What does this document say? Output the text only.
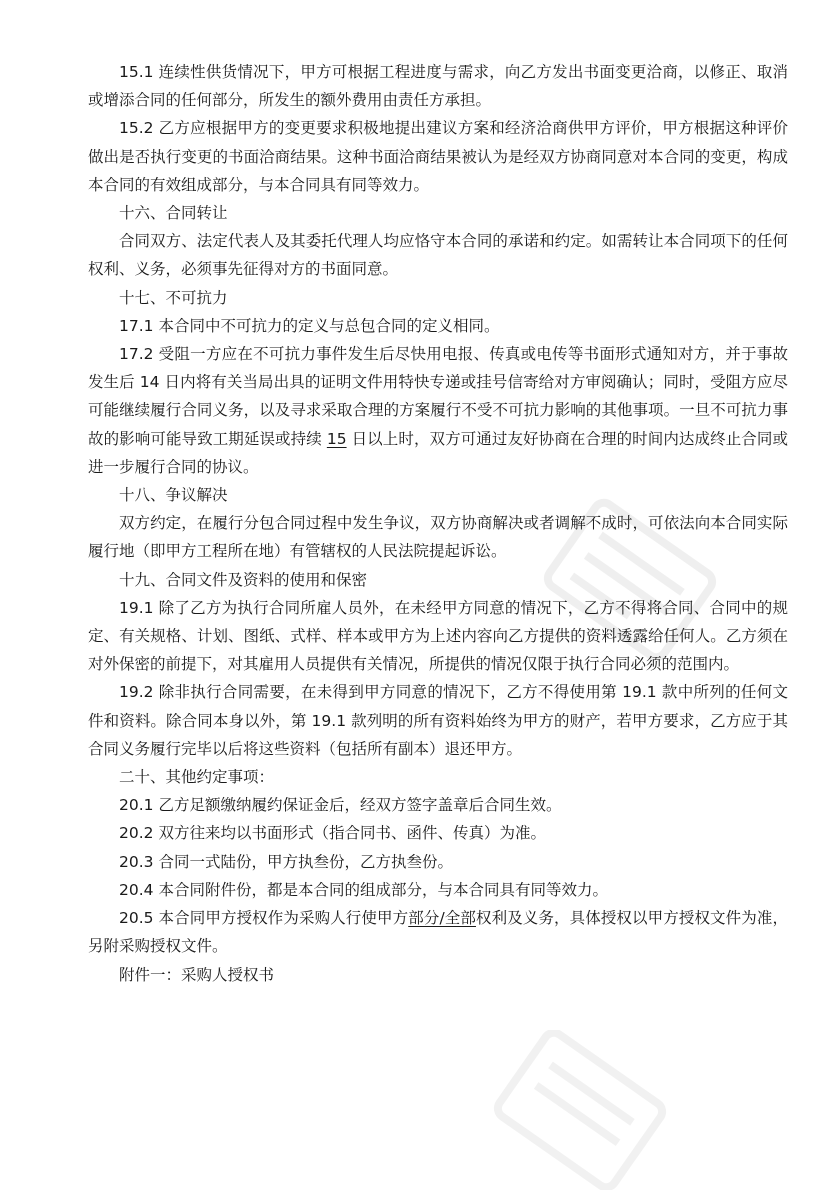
15.1 连续性供货情况下，甲方可根据工程进度与需求，向乙方发出书面变更洽商，以修正、取消或增添合同的任何部分，所发生的额外费用由责任方承担。

15.2 乙方应根据甲方的变更要求积极地提出建议方案和经济洽商供甲方评价，甲方根据这种评价做出是否执行变更的书面洽商结果。这种书面洽商结果被认为是经双方协商同意对本合同的变更，构成本合同的有效组成部分，与本合同具有同等效力。

十六、合同转让

合同双方、法定代表人及其委托代理人均应恪守本合同的承诺和约定。如需转让本合同项下的任何权利、义务，必须事先征得对方的书面同意。

十七、不可抗力

17.1 本合同中不可抗力的定义与总包合同的定义相同。

17.2 受阻一方应在不可抗力事件发生后尽快用电报、传真或电传等书面形式通知对方，并于事故发生后 14 日内将有关当局出具的证明文件用特快专递或挂号信寄给对方审阅确认；同时，受阻方应尽可能继续履行合同义务，以及寻求采取合理的方案履行不受不可抗力影响的其他事项。一旦不可抗力事故的影响可能导致工期延误或持续 15 日以上时，双方可通过友好协商在合理的时间内达成终止合同或进一步履行合同的协议。

十八、争议解决

双方约定，在履行分包合同过程中发生争议，双方协商解决或者调解不成时，可依法向本合同实际履行地（即甲方工程所在地）有管辖权的人民法院提起诉讼。

十九、合同文件及资料的使用和保密

19.1 除了乙方为执行合同所雇人员外，在未经甲方同意的情况下，乙方不得将合同、合同中的规定、有关规格、计划、图纸、式样、样本或甲方为上述内容向乙方提供的资料透露给任何人。乙方须在对外保密的前提下，对其雇用人员提供有关情况，所提供的情况仅限于执行合同必须的范围内。

19.2 除非执行合同需要，在未得到甲方同意的情况下，乙方不得使用第 19.1 款中所列的任何文件和资料。除合同本身以外，第 19.1 款列明的所有资料始终为甲方的财产，若甲方要求，乙方应于其合同义务履行完毕以后将这些资料（包括所有副本）退还甲方。

二十、其他约定事项：

20.1 乙方足额缴纳履约保证金后，经双方签字盖章后合同生效。

20.2 双方往来均以书面形式（指合同书、函件、传真）为准。

20.3 合同一式陆份，甲方执叁份，乙方执叁份。

20.4 本合同附件份，都是本合同的组成部分，与本合同具有同等效力。

20.5 本合同甲方授权作为采购人行使甲方部分/全部权利及义务，具体授权以甲方授权文件为准，另附采购授权文件。

附件一：采购人授权书
